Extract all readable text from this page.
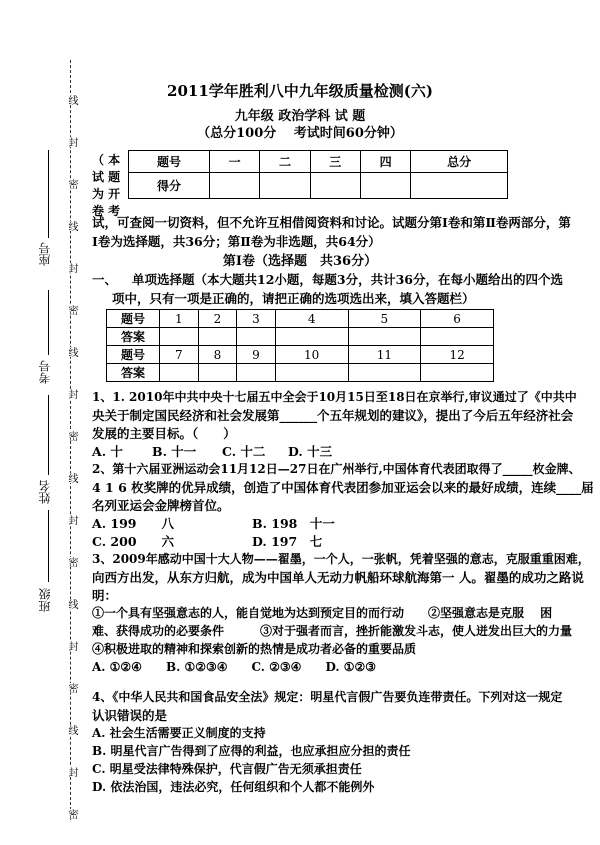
线
封
密
线
封
密
线
封
密
线
封
密
线
封
密
线
封
密
座号
考号
姓名
班级
2011学年胜利八中九年级质量检测(六)
九年级 政治学科 试 题
（总分100分　 考试时间60分钟）
（ 本
试 题
为 开
卷 考
题号	一	二	三	四	总分
得分					
试，可查阅一切资料，但不允许互相借阅资料和讨论。试题分第Ⅰ卷和第Ⅱ卷两部分，第
Ⅰ卷为选择题，共36分；第Ⅱ卷为非选题，共64分）
第Ⅰ卷（选择题　共36分）
一、 单项选择题（本大题共12小题，每题3分，共计36分，在每小题给出的四个选
项中，只有一项是正确的，请把正确的选项选出来，填入答题栏）
题号	1	2	3	4	5	6
答案						
题号	7	8	9	10	11	12
答案						
1、1. 2010年中共中央十七届五中全会于10月15日至18日在京举行,审议通过了《中共中
央关于制定国民经济和社会发展第______个五年规划的建议》，提出了今后五年经济社会
发展的主要目标。（　　）
A. 十 B. 十一 C. 十二 D. 十三
2、第十六届亚洲运动会11月12日—27日在广州举行,中国体育代表团取得了_____枚金牌、
4 1 6 枚奖牌的优异成绩，创造了中国体育代表团参加亚运会以来的最好成绩，连续____届
名列亚运会金牌榜首位。
A. 199　　八	B. 198　十一
C. 200　　六	D. 197　七
3、2009年感动中国十大人物——翟墨，一个人，一张帆，凭着坚强的意志，克服重重困难，
向西方出发，从东方归航，成为中国单人无动力帆船环球航海第一 人。翟墨的成功之路说
明：
①一个具有坚强意志的人，能自觉地为达到预定目的而行动　　②坚强意志是克服　 困
难、获得成功的必要条件　　　③对于强者而言，挫折能激发斗志，使人迸发出巨大的力量
④积极进取的精神和探索创新的热情是成功者必备的重要品质
A. ①②④　　B. ①②③④　　C. ②③④　　D. ①②③
4、《中华人民共和国食品安全法》规定：明星代言假广告要负连带责任。下列对这一规定
认识错误的是
A. 社会生活需要正义制度的支持
B. 明星代言广告得到了应得的利益，也应承担应分担的责任
C. 明星受法律特殊保护，代言假广告无须承担责任
D. 依法治国，违法必究，任何组织和个人都不能例外
